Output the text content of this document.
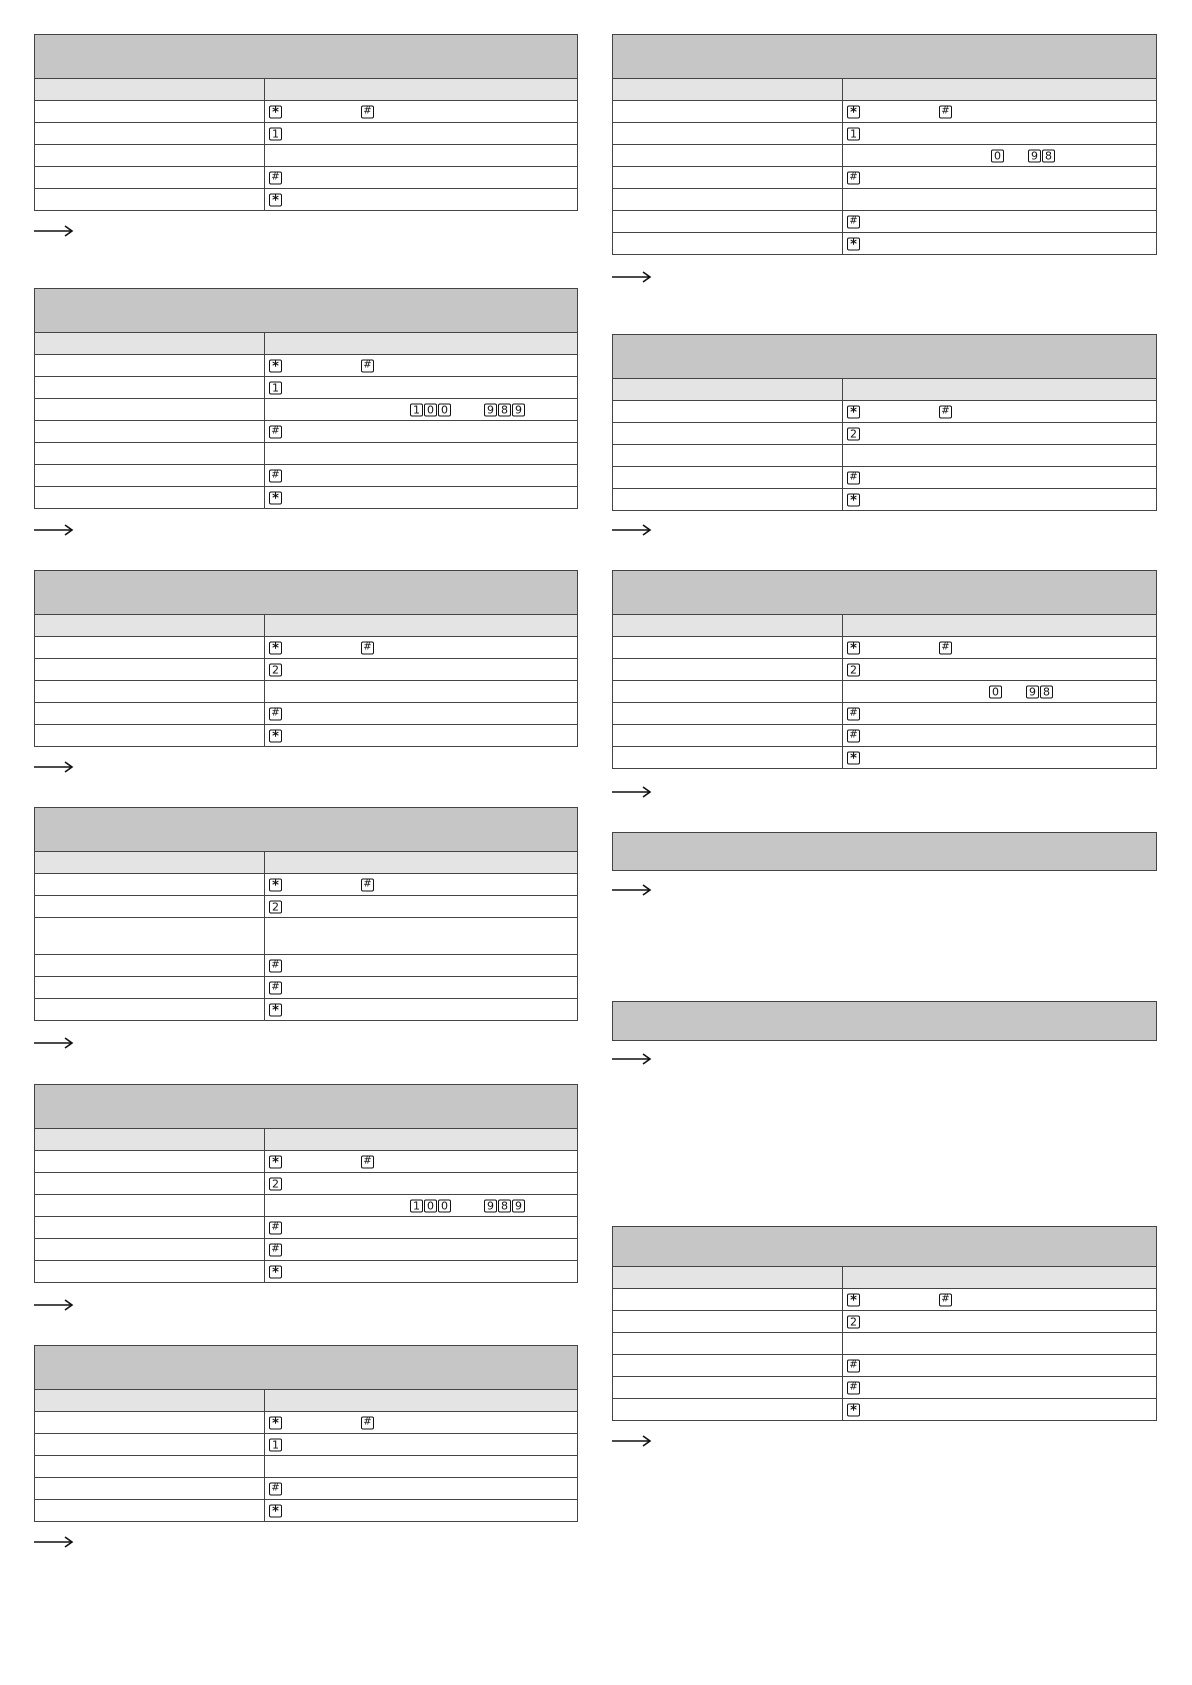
*	#
1
#
*
*	#
1
1 0 0	9 8 9
#
#
*
*	#
2
#
*
*	#
2
#
#
*
*	#
2
1 0 0	9 8 9
#
#
*
*	#
1
#
*
*	#
1
0	9 8
#
#
*
*	#
2
#
*
*	#
2
0	9 8
#
#
*
*	#
2
#
#
*
